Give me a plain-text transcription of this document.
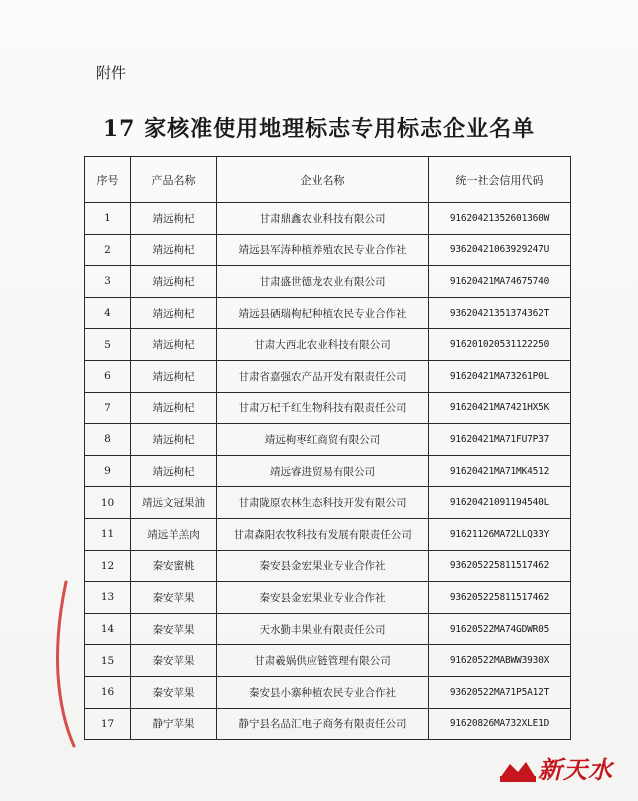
附件
17 家核准使用地理标志专用标志企业名单
序号	产品名称	企业名称	统一社会信用代码
1	靖远枸杞	甘肃鼎鑫农业科技有限公司	91620421352601360W
2	靖远枸杞	靖远县军涛种植养殖农民专业合作社	93620421063929247U
3	靖远枸杞	甘肃盛世德龙农业有限公司	91620421MA74675740
4	靖远枸杞	靖远县硒瑞枸杞种植农民专业合作社	93620421351374362T
5	靖远枸杞	甘肃大西北农业科技有限公司	916201020531122250
6	靖远枸杞	甘肃省嘉强农产品开发有限责任公司	91620421MA73261P0L
7	靖远枸杞	甘肃万杞千红生物科技有限责任公司	91620421MA7421HX5K
8	靖远枸杞	靖远枸枣红商贸有限公司	91620421MA71FU7P37
9	靖远枸杞	靖远睿进贸易有限公司	91620421MA71MK4512
10	靖远文冠果油	甘肃陇原农林生态科技开发有限公司	91620421091194540L
11	靖远羊羔肉	甘肃森阳农牧科技有发展有限责任公司	91621126MA72LLQ33Y
12	秦安蜜桃	秦安县金宏果业专业合作社	936205225811517462
13	秦安苹果	秦安县金宏果业专业合作社	936205225811517462
14	秦安苹果	天水勤丰果业有限责任公司	91620522MA74GDWR05
15	秦安苹果	甘肃羲娲供应链管理有限公司	91620522MABWW3930X
16	秦安苹果	秦安县小寨种植农民专业合作社	93620522MA71P5A12T
17	静宁苹果	静宁县名品汇电子商务有限责任公司	91620826MA732XLE1D
新天水
